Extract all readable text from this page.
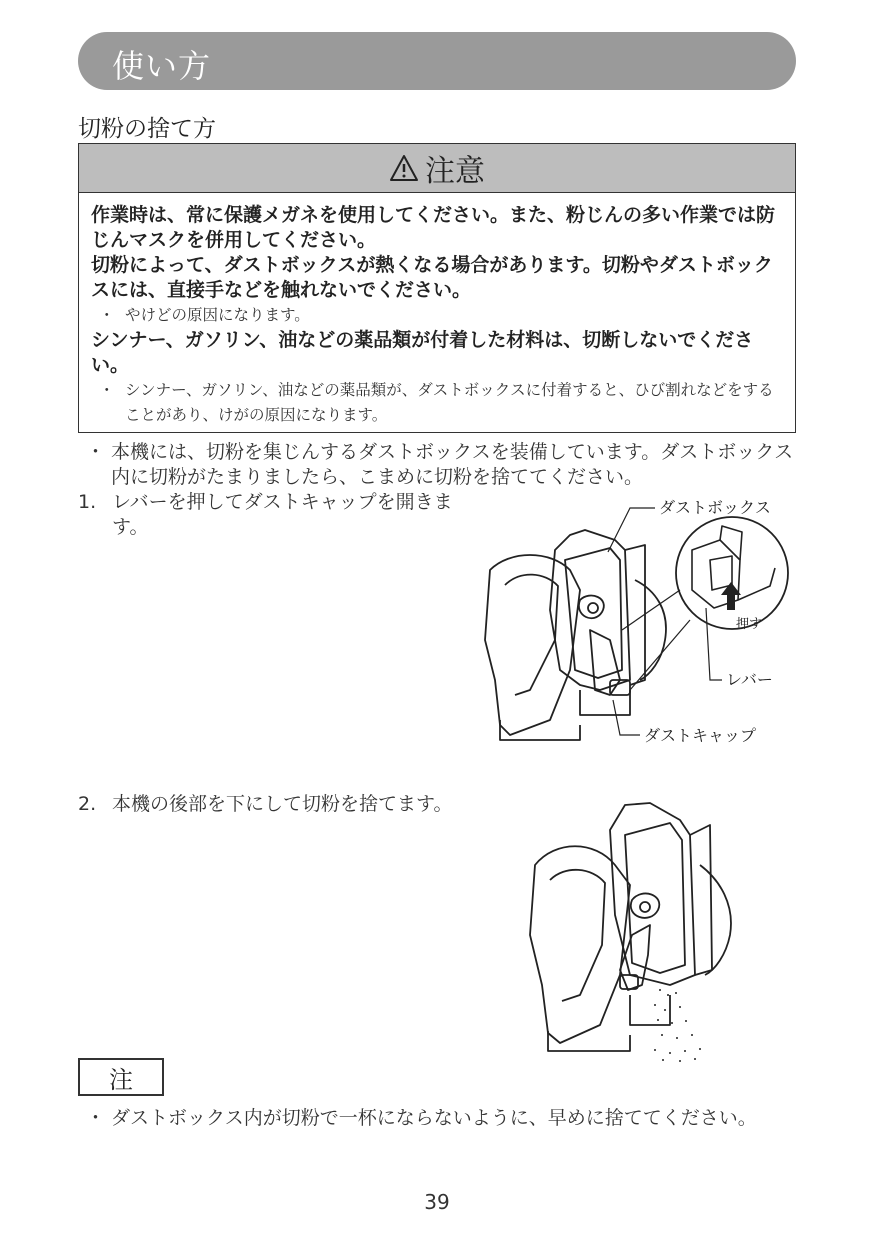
使い方
切粉の捨て方
注意

作業時は、常に保護メガネを使用してください。また、粉じんの多い作業では防じんマスクを併用してください。

切粉によって、ダストボックスが熱くなる場合があります。切粉やダストボックスには、直接手などを触れないでください。

・ やけどの原因になります。

シンナー、ガソリン、油などの薬品類が付着した材料は、切断しないでください。

・ シンナー、ガソリン、油などの薬品類が、ダストボックスに付着すると、ひび割れなどをすることがあり、けがの原因になります。
・ 本機には、切粉を集じんするダストボックスを装備しています。ダストボックス内に切粉がたまりましたら、こまめに切粉を捨ててください。
1. レバーを押してダストキャップを開きます。
2. 本機の後部を下にして切粉を捨てます。
押す
ダストボックス
レバー
ダストキャップ
注
・ ダストボックス内が切粉で一杯にならないように、早めに捨ててください。
39
